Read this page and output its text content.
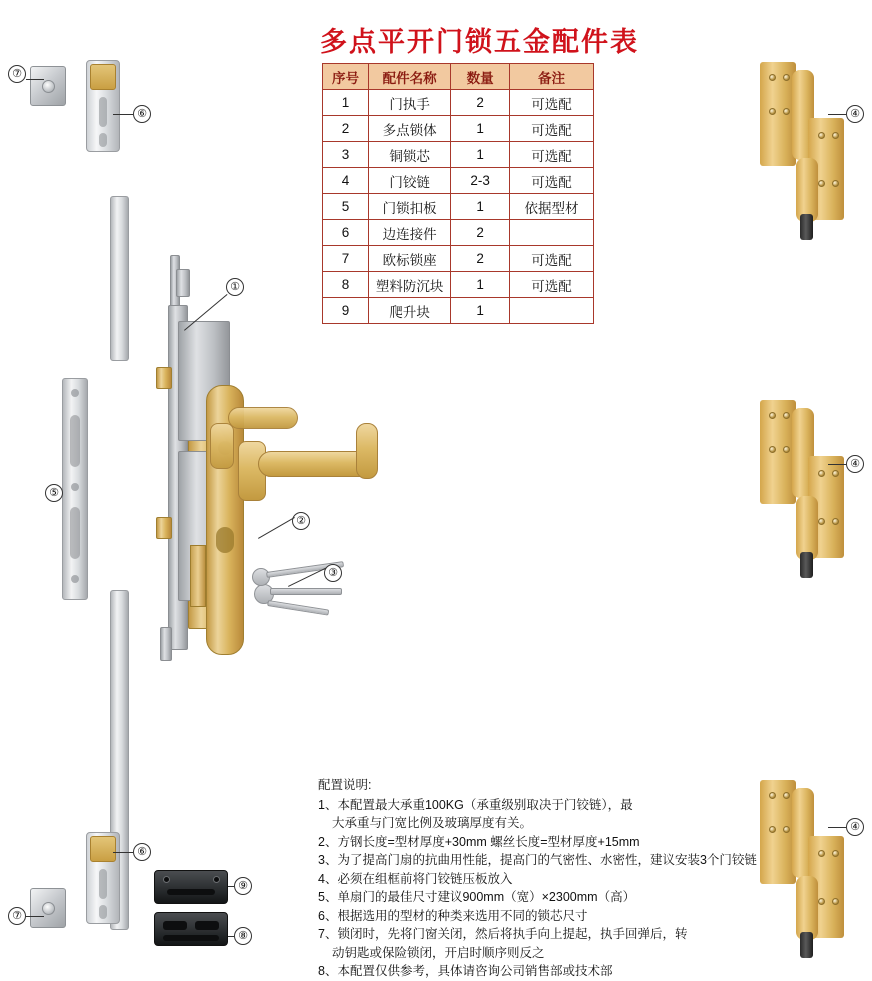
多点平开门锁五金配件表
序号	配件名称	数量	备注
1	门执手	2	可选配
2	多点锁体	1	可选配
3	铜锁芯	1	可选配
4	门铰链	2-3	可选配
5	门锁扣板	1	依据型材
6	边连接件	2	
7	欧标锁座	2	可选配
8	塑料防沉块	1	可选配
9	爬升块	1	
配置说明:
1、本配置最大承重100KG（承重级别取决于门铰链），最
大承重与门宽比例及玻璃厚度有关。
2、方钢长度=型材厚度+30mm 螺丝长度=型材厚度+15mm
3、为了提高门扇的抗曲用性能，提高门的气密性、水密性，建议安装3个门铰链
4、必须在组框前将门铰链压板放入
5、单扇门的最佳尺寸建议900mm（宽）×2300mm（高）
6、根据选用的型材的种类来选用不同的锁芯尺寸
7、锁闭时，先将门窗关闭，然后将执手向上提起，执手回弹后，转
动钥匙或保险锁闭，开启时顺序则反之
8、本配置仅供参考，具体请咨询公司销售部或技术部
⑦
⑥
⑤
①
②
③
④
④
④
⑥
⑦
⑨
⑧
